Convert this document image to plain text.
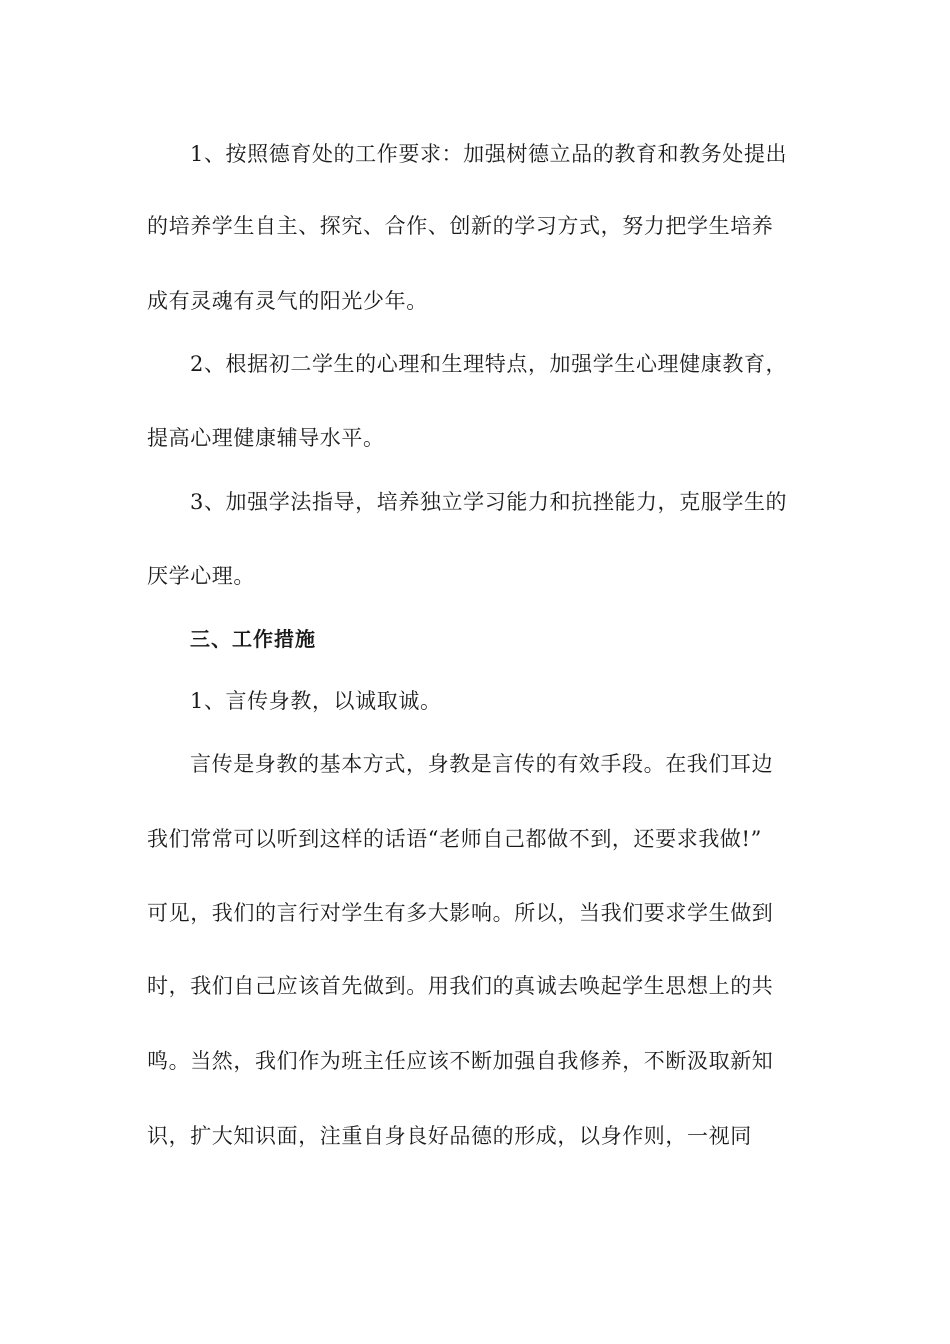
1、按照德育处的工作要求：加强树德立品的教育和教务处提出
的培养学生自主、探究、合作、创新的学习方式，努力把学生培养
成有灵魂有灵气的阳光少年。
2、根据初二学生的心理和生理特点，加强学生心理健康教育，
提高心理健康辅导水平。
3、加强学法指导，培养独立学习能力和抗挫能力，克服学生的
厌学心理。
三、工作措施
1、言传身教，以诚取诚。
言传是身教的基本方式，身教是言传的有效手段。在我们耳边
我们常常可以听到这样的话语“老师自己都做不到，还要求我做!”
可见，我们的言行对学生有多大影响。所以，当我们要求学生做到
时，我们自己应该首先做到。用我们的真诚去唤起学生思想上的共
鸣。当然，我们作为班主任应该不断加强自我修养，不断汲取新知
识，扩大知识面，注重自身良好品德的形成，以身作则，一视同
